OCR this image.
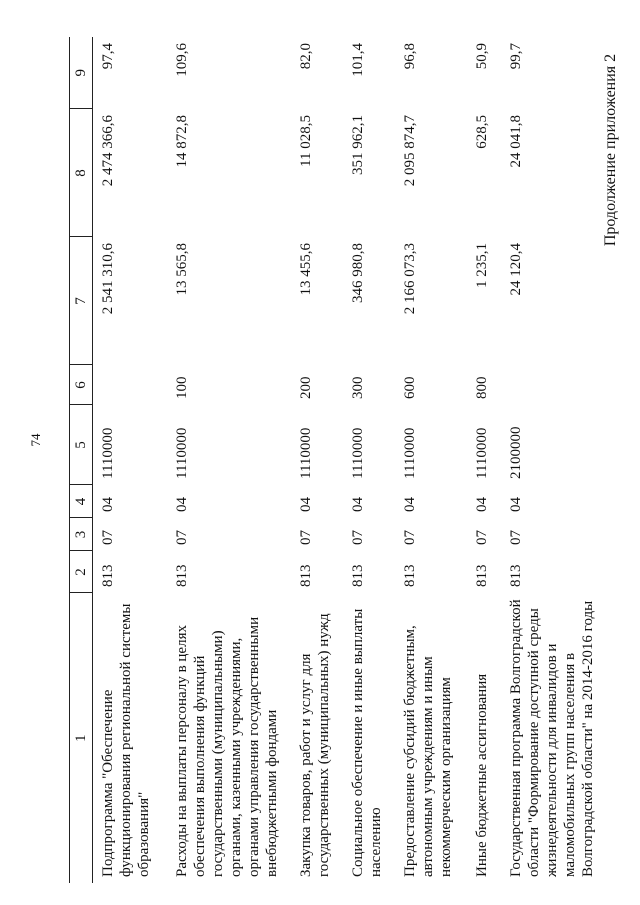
74
Продолжение приложения 2
1	2	3	4	5	6	7	8	9
Подпрограмма "Обеспечение функционирования региональной системы образования"	813	07	04	1110000		2 541 310,6	2 474 366,6	97,4
Расходы на выплаты персоналу в целях обеспечения выполнения функций государственными (муниципальными) органами, казенными учреждениями, органами управления государственными внебюджетными фондами	813	07	04	1110000	100	13 565,8	14 872,8	109,6
Закупка товаров, работ и услуг для государственных (муниципальных) нужд	813	07	04	1110000	200	13 455,6	11 028,5	82,0
Социальное обеспечение и иные выплаты населению	813	07	04	1110000	300	346 980,8	351 962,1	101,4
Предоставление субсидий бюджетным, автономным учреждениям и иным некоммерческим организациям	813	07	04	1110000	600	2 166 073,3	2 095 874,7	96,8
Иные бюджетные ассигнования	813	07	04	1110000	800	1 235,1	628,5	50,9
Государственная программа Волгоградской области "Формирование доступной среды жизнедеятельности для инвалидов и маломобильных групп населения в Волгоградской области" на 2014-2016 годы	813	07	04	2100000		24 120,4	24 041,8	99,7
